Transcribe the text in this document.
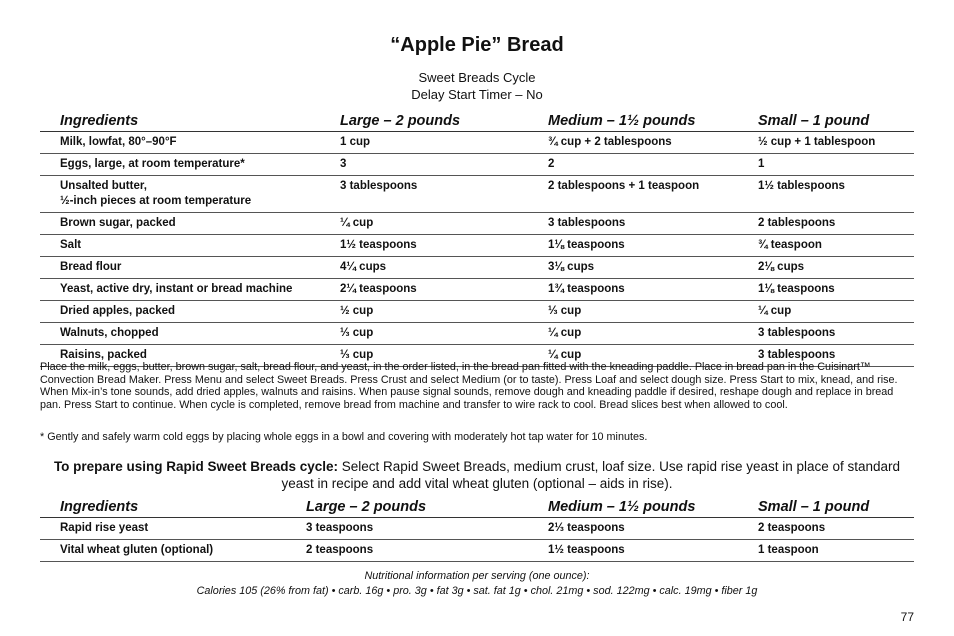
“Apple Pie” Bread
Sweet Breads Cycle
Delay Start Timer – No
Ingredients	Large – 2 pounds	Medium – 1½ pounds	Small – 1 pound
Milk, lowfat, 80°–90°F	1 cup	¾ cup + 2 tablespoons	½ cup + 1 tablespoon
Eggs, large, at room temperature*	3	2	1
Unsalted butter,
½-inch pieces at room temperature	3 tablespoons	2 tablespoons + 1 teaspoon	1½ tablespoons
Brown sugar, packed	¼ cup	3 tablespoons	2 tablespoons
Salt	1½ teaspoons	1⅛ teaspoons	¾ teaspoon
Bread flour	4¼ cups	3⅛ cups	2⅛ cups
Yeast, active dry, instant or bread machine	2¼ teaspoons	1¾ teaspoons	1⅛ teaspoons
Dried apples, packed	½ cup	⅓ cup	¼ cup
Walnuts, chopped	⅓ cup	¼ cup	3 tablespoons
Raisins, packed	⅓ cup	¼ cup	3 tablespoons
Place the milk, eggs, butter, brown sugar, salt, bread flour, and yeast, in the order listed, in the bread pan fitted with the kneading paddle. Place in bread pan in the Cuisinart™ Convection Bread Maker. Press Menu and select Sweet Breads. Press Crust and select Medium (or to taste). Press Loaf and select dough size. Press Start to mix, knead, and rise. When Mix-in’s tone sounds, add dried apples, walnuts and raisins. When pause signal sounds, remove dough and kneading paddle if desired, reshape dough and replace in bread pan. Press Start to continue. When cycle is completed, remove bread from machine and transfer to wire rack to cool. Bread slices best when allowed to cool.
* Gently and safely warm cold eggs by placing whole eggs in a bowl and covering with moderately hot tap water for 10 minutes.
To prepare using Rapid Sweet Breads cycle: Select Rapid Sweet Breads, medium crust, loaf size. Use rapid rise yeast in place of standard yeast in recipe and add vital wheat gluten (optional – aids in rise).
Ingredients	Large – 2 pounds	Medium – 1½ pounds	Small – 1 pound
Rapid rise yeast	3 teaspoons	2⅓ teaspoons	2 teaspoons
Vital wheat gluten (optional)	2 teaspoons	1½ teaspoons	1 teaspoon
Nutritional information per serving (one ounce):
Calories 105 (26% from fat) • carb. 16g • pro. 3g • fat 3g • sat. fat 1g • chol. 21mg • sod. 122mg • calc. 19mg • fiber 1g
77
